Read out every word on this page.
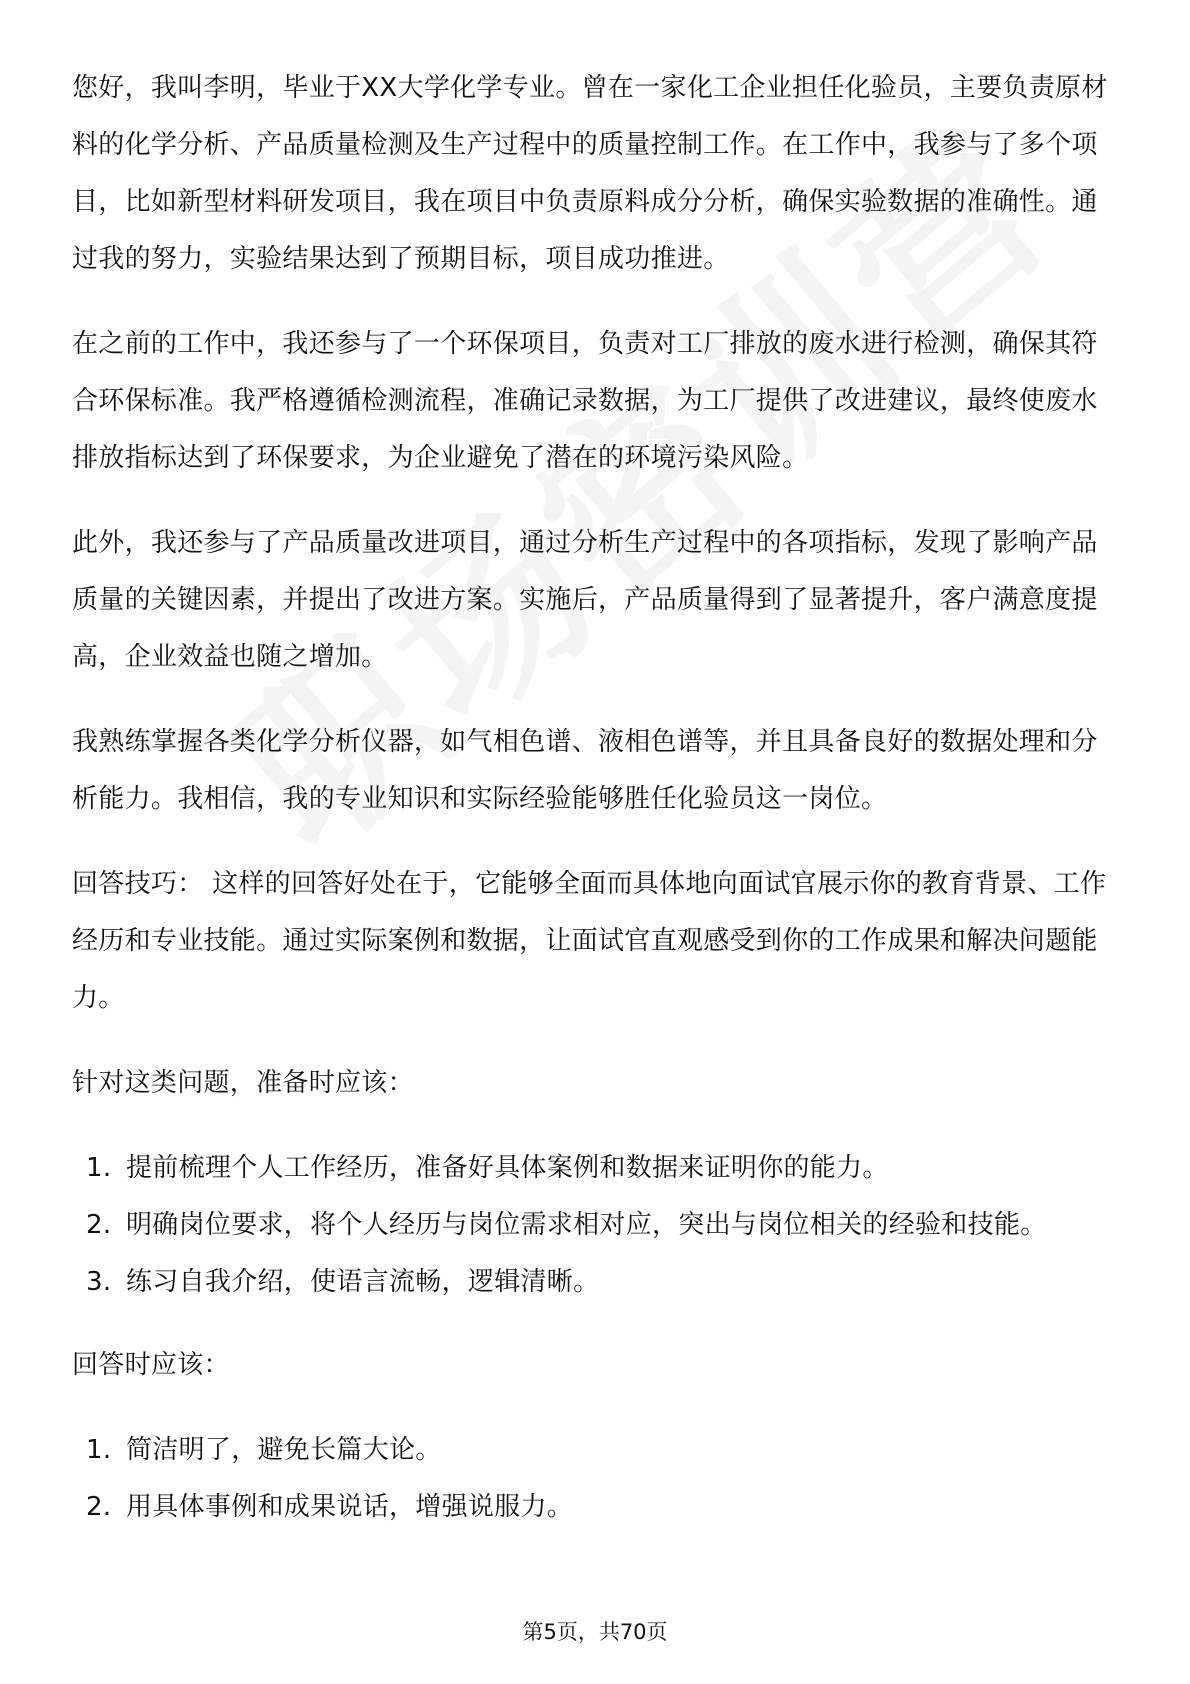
您好，我叫李明，毕业于XX大学化学专业。曾在一家化工企业担任化验员，主要负责原材料的化学分析、产品质量检测及生产过程中的质量控制工作。在工作中，我参与了多个项目，比如新型材料研发项目，我在项目中负责原料成分分析，确保实验数据的准确性。通过我的努力，实验结果达到了预期目标，项目成功推进。

在之前的工作中，我还参与了一个环保项目，负责对工厂排放的废水进行检测，确保其符合环保标准。我严格遵循检测流程，准确记录数据，为工厂提供了改进建议，最终使废水排放指标达到了环保要求，为企业避免了潜在的环境污染风险。

此外，我还参与了产品质量改进项目，通过分析生产过程中的各项指标，发现了影响产品质量的关键因素，并提出了改进方案。实施后，产品质量得到了显著提升，客户满意度提高，企业效益也随之增加。

我熟练掌握各类化学分析仪器，如气相色谱、液相色谱等，并且具备良好的数据处理和分析能力。我相信，我的专业知识和实际经验能够胜任化验员这一岗位。

回答技巧： 这样的回答好处在于，它能够全面而具体地向面试官展示你的教育背景、工作经历和专业技能。通过实际案例和数据，让面试官直观感受到你的工作成果和解决问题能力。

针对这类问题，准备时应该：

1. 提前梳理个人工作经历，准备好具体案例和数据来证明你的能力。
2. 明确岗位要求，将个人经历与岗位需求相对应，突出与岗位相关的经验和技能。
3. 练习自我介绍，使语言流畅，逻辑清晰。

回答时应该：

1. 简洁明了，避免长篇大论。
2. 用具体事例和成果说话，增强说服力。
第5页，共70页
